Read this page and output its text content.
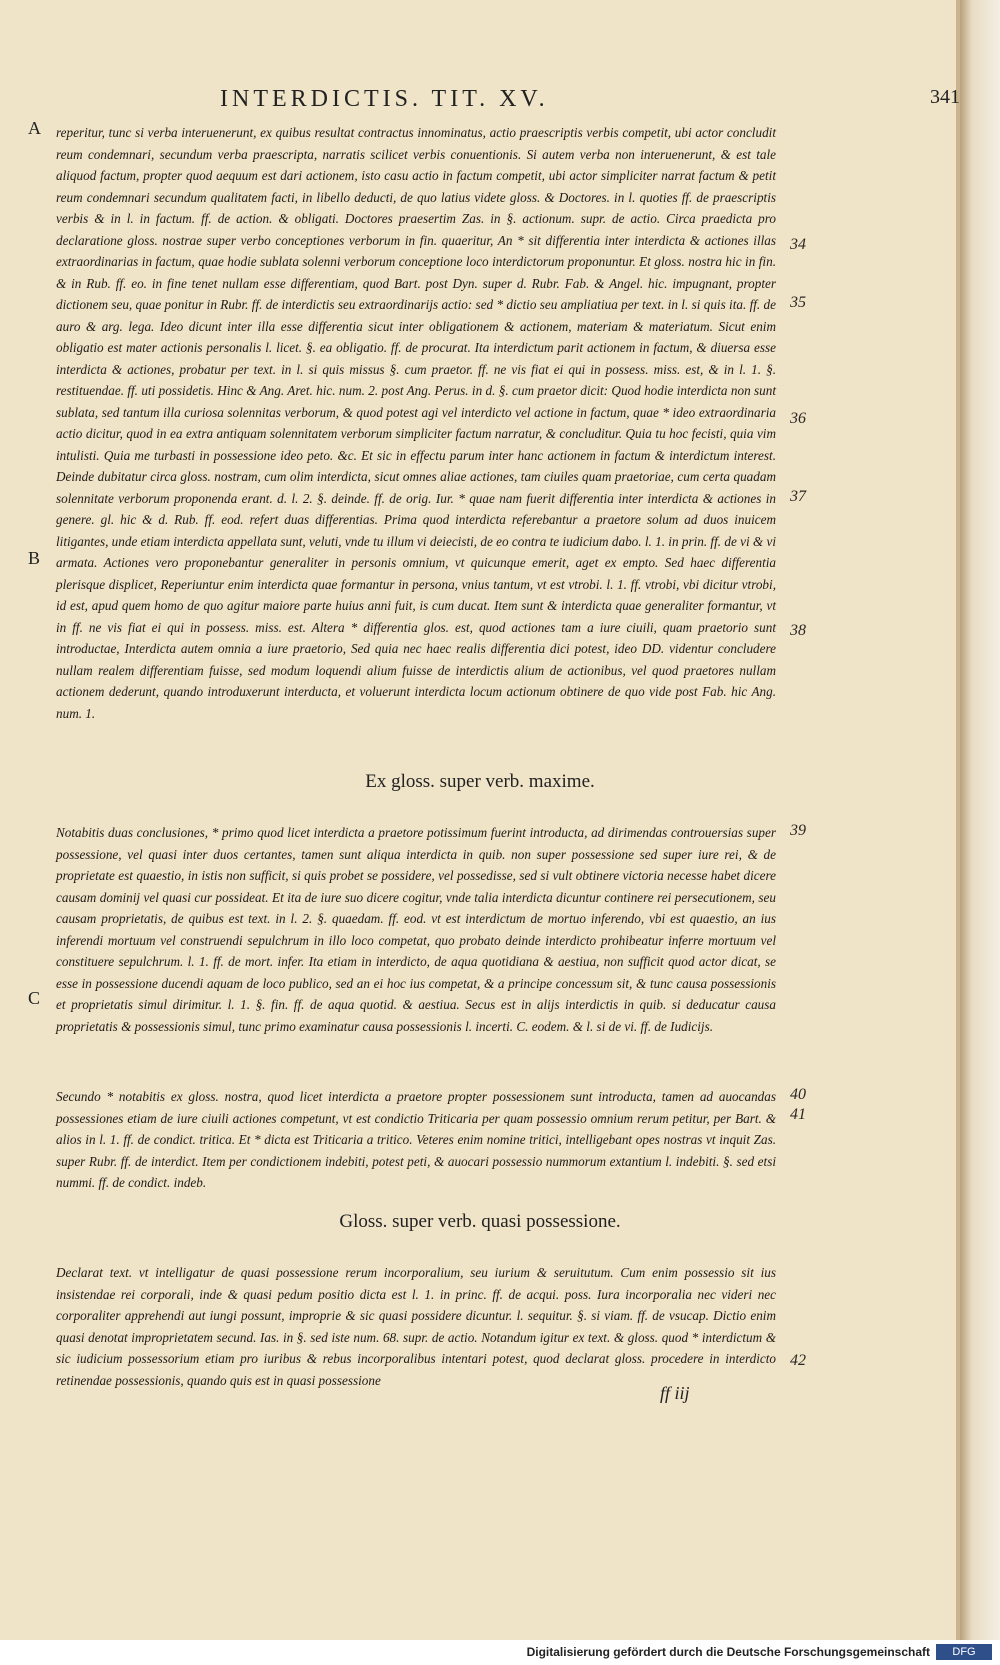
INTERDICTIS. TIT. XV.	341
A
B
C
34
35
36
37
38
39
40
41
42
reperitur, tunc si verba interuenerunt, ex quibus resultat contractus innominatus, actio praescriptis verbis competit, ubi actor concludit reum condemnari, secundum verba praescripta, narratis scilicet verbis conuentionis. Si autem verba non interuenerunt, & est tale aliquod factum, propter quod aequum est dari actionem, isto casu actio in factum competit, ubi actor simpliciter narrat factum & petit reum condemnari secundum qualitatem facti, in libello deducti, de quo latius videte gloss. & Doctores. in l. quoties ff. de praescriptis verbis & in l. in factum. ff. de action. & obligati. Doctores praesertim Zas. in §. actionum. supr. de actio. Circa praedicta pro declaratione gloss. nostrae super verbo conceptiones verborum in fin. quaeritur, An * sit differentia inter interdicta & actiones illas extraordinarias in factum, quae hodie sublata solenni verborum conceptione loco interdictorum proponuntur. Et gloss. nostra hic in fin. & in Rub. ff. eo. in fine tenet nullam esse differentiam, quod Bart. post Dyn. super d. Rubr. Fab. & Angel. hic. impugnant, propter dictionem seu, quae ponitur in Rubr. ff. de interdictis seu extraordinarijs actio: sed * dictio seu ampliatiua per text. in l. si quis ita. ff. de auro & arg. lega. Ideo dicunt inter illa esse differentia sicut inter obligationem & actionem, materiam & materiatum. Sicut enim obligatio est mater actionis personalis l. licet. §. ea obligatio. ff. de procurat. Ita interdictum parit actionem in factum, & diuersa esse interdicta & actiones, probatur per text. in l. si quis missus §. cum praetor. ff. ne vis fiat ei qui in possess. miss. est, & in l. 1. §. restituendae. ff. uti possidetis. Hinc & Ang. Aret. hic. num. 2. post Ang. Perus. in d. §. cum praetor dicit: Quod hodie interdicta non sunt sublata, sed tantum illa curiosa solennitas verborum, & quod potest agi vel interdicto vel actione in factum, quae * ideo extraordinaria actio dicitur, quod in ea extra antiquam solennitatem verborum simpliciter factum narratur, & concluditur. Quia tu hoc fecisti, quia vim intulisti. Quia me turbasti in possessione ideo peto. &c. Et sic in effectu parum inter hanc actionem in factum & interdictum interest. Deinde dubitatur circa gloss. nostram, cum olim interdicta, sicut omnes aliae actiones, tam ciuiles quam praetoriae, cum certa quadam solennitate verborum proponenda erant. d. l. 2. §. deinde. ff. de orig. Iur. * quae nam fuerit differentia inter interdicta & actiones in genere. gl. hic & d. Rub. ff. eod. refert duas differentias. Prima quod interdicta referebantur a praetore solum ad duos inuicem litigantes, unde etiam interdicta appellata sunt, veluti, vnde tu illum vi deiecisti, de eo contra te iudicium dabo. l. 1. in prin. ff. de vi & vi armata. Actiones vero proponebantur generaliter in personis omnium, vt quicunque emerit, aget ex empto. Sed haec differentia plerisque displicet, Reperiuntur enim interdicta quae formantur in persona, vnius tantum, vt est vtrobi. l. 1. ff. vtrobi, vbi dicitur vtrobi, id est, apud quem homo de quo agitur maiore parte huius anni fuit, is cum ducat. Item sunt & interdicta quae generaliter formantur, vt in ff. ne vis fiat ei qui in possess. miss. est. Altera * differentia glos. est, quod actiones tam a iure ciuili, quam praetorio sunt introductae, Interdicta autem omnia a iure praetorio, Sed quia nec haec realis differentia dici potest, ideo DD. videntur concludere nullam realem differentiam fuisse, sed modum loquendi alium fuisse de interdictis alium de actionibus, vel quod praetores nullam actionem dederunt, quando introduxerunt interducta, et voluerunt interdicta locum actionum obtinere de quo vide post Fab. hic Ang. num. 1.
Ex gloss. super verb. maxime.
Notabitis duas conclusiones, * primo quod licet interdicta a praetore potissimum fuerint introducta, ad dirimendas controuersias super possessione, vel quasi inter duos certantes, tamen sunt aliqua interdicta in quib. non super possessione sed super iure rei, & de proprietate est quaestio, in istis non sufficit, si quis probet se possidere, vel possedisse, sed si vult obtinere victoria necesse habet dicere causam dominij vel quasi cur possideat. Et ita de iure suo dicere cogitur, vnde talia interdicta dicuntur continere rei persecutionem, seu causam proprietatis, de quibus est text. in l. 2. §. quaedam. ff. eod. vt est interdictum de mortuo inferendo, vbi est quaestio, an ius inferendi mortuum vel construendi sepulchrum in illo loco competat, quo probato deinde interdicto prohibeatur inferre mortuum vel constituere sepulchrum. l. 1. ff. de mort. infer. Ita etiam in interdicto, de aqua quotidiana & aestiua, non sufficit quod actor dicat, se esse in possessione ducendi aquam de loco publico, sed an ei hoc ius competat, & a principe concessum sit, & tunc causa possessionis et proprietatis simul dirimitur. l. 1. §. fin. ff. de aqua quotid. & aestiua. Secus est in alijs interdictis in quib. si deducatur causa proprietatis & possessionis simul, tunc primo examinatur causa possessionis l. incerti. C. eodem. & l. si de vi. ff. de Iudicijs.
Secundo * notabitis ex gloss. nostra, quod licet interdicta a praetore propter possessionem sunt introducta, tamen ad auocandas possessiones etiam de iure ciuili actiones competunt, vt est condictio Triticaria per quam possessio omnium rerum petitur, per Bart. & alios in l. 1. ff. de condict. tritica. Et * dicta est Triticaria a tritico. Veteres enim nomine tritici, intelligebant opes nostras vt inquit Zas. super Rubr. ff. de interdict. Item per condictionem indebiti, potest peti, & auocari possessio nummorum extantium l. indebiti. §. sed etsi nummi. ff. de condict. indeb.
Gloss. super verb. quasi possessione.
Declarat text. vt intelligatur de quasi possessione rerum incorporalium, seu iurium & seruitutum. Cum enim possessio sit ius insistendae rei corporali, inde & quasi pedum positio dicta est l. 1. in princ. ff. de acqui. poss. Iura incorporalia nec videri nec corporaliter apprehendi aut iungi possunt, improprie & sic quasi possidere dicuntur. l. sequitur. §. si viam. ff. de vsucap. Dictio enim quasi denotat improprietatem secund. Ias. in §. sed iste num. 68. supr. de actio. Notandum igitur ex text. & gloss. quod * interdictum & sic iudicium possessorium etiam pro iuribus & rebus incorporalibus intentari potest, quod declarat gloss. procedere in interdicto retinendae possessionis, quando quis est in quasi possessione
ff iij
Digitalisierung gefördert durch die Deutsche Forschungsgemeinschaft	DFG
